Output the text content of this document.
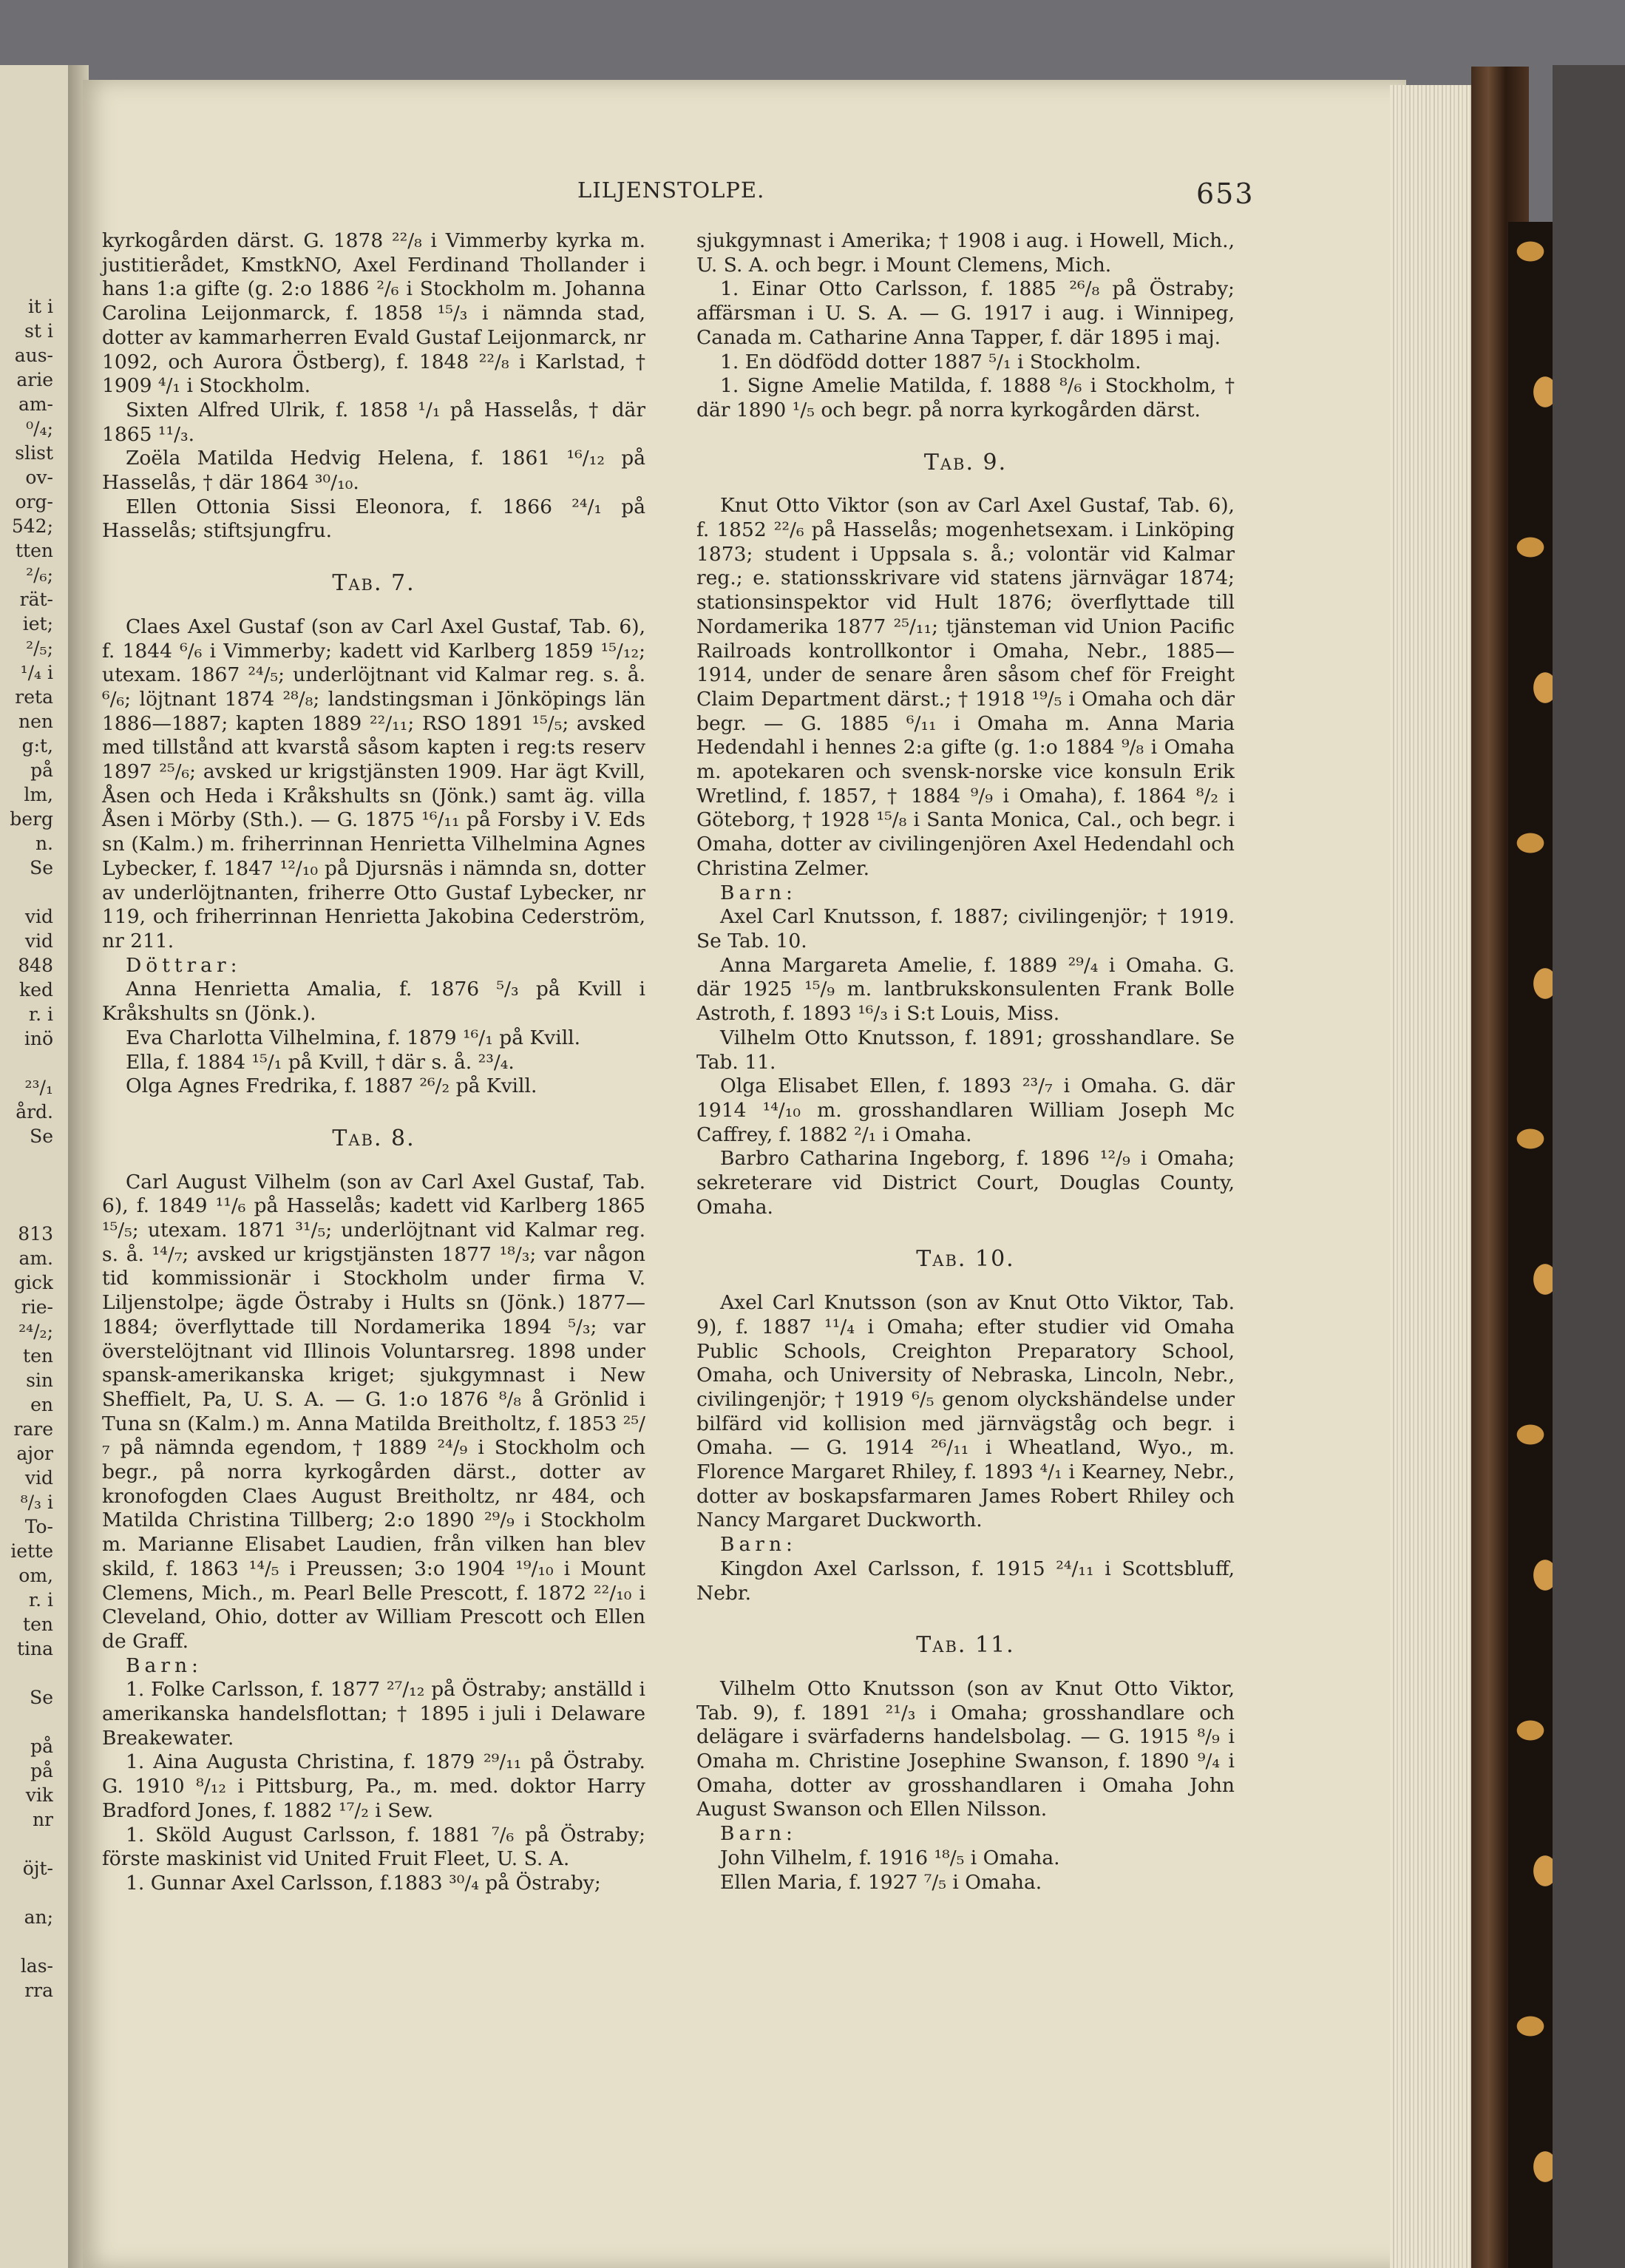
it i
st i
aus-
arie
am-
⁰/₄;
slist
ov-
org-
542;
tten
²/₆;
rät-
iet;
²/₅;
¹/₄ i
reta
nen
g:t,
på
lm,
berg
n.
Se

vid
vid
848
ked
r. i
inö

²³/₁
ård.
Se

813
am.
gick
rie-
²⁴/₂;
ten
sin
en
rare
ajor
vid
⁸/₃ i
To-
iette
om,
r. i
ten
tina

Se

på
på
vik
nr

öjt-

an;

las-
rra
LILJENSTOLPE.	653
kyrkogården därst. G. 1878 ²²/₈ i Vimmerby kyrka m. justitierådet, KmstkNO, Axel Ferdinand Thollander i hans 1:a gifte (g. 2:o 1886 ²/₆ i Stockholm m. Johanna Carolina Leijonmarck, f. 1858 ¹⁵/₃ i nämnda stad, dotter av kammarherren Evald Gustaf Leijonmarck, nr 1092, och Aurora Östberg), f. 1848 ²²/₈ i Karlstad, † 1909 ⁴/₁ i Stockholm.
Sixten Alfred Ulrik, f. 1858 ¹/₁ på Hasselås, † där 1865 ¹¹/₃.
Zoëla Matilda Hedvig Helena, f. 1861 ¹⁶/₁₂ på Hasselås, † där 1864 ³⁰/₁₀.
Ellen Ottonia Sissi Eleonora, f. 1866 ²⁴/₁ på Hasselås; stiftsjungfru.
Tab. 7.
Claes Axel Gustaf (son av Carl Axel Gustaf, Tab. 6), f. 1844 ⁶/₆ i Vimmerby; kadett vid Karlberg 1859 ¹⁵/₁₂; utexam. 1867 ²⁴/₅; underlöjtnant vid Kalmar reg. s. å. ⁶/₆; löjtnant 1874 ²⁸/₈; landstingsman i Jönköpings län 1886—1887; kapten 1889 ²²/₁₁; RSO 1891 ¹⁵/₅; avsked med tillstånd att kvarstå såsom kapten i reg:ts reserv 1897 ²⁵/₆; avsked ur krigstjänsten 1909. Har ägt Kvill, Åsen och Heda i Kråkshults sn (Jönk.) samt äg. villa Åsen i Mörby (Sth.). — G. 1875 ¹⁶/₁₁ på Forsby i V. Eds sn (Kalm.) m. friherrinnan Henrietta Vilhelmina Agnes Lybecker, f. 1847 ¹²/₁₀ på Djursnäs i nämnda sn, dotter av underlöjtnanten, friherre Otto Gustaf Lybecker, nr 119, och friherrinnan Henrietta Jakobina Cederström, nr 211.
Döttrar:
Anna Henrietta Amalia, f. 1876 ⁵/₃ på Kvill i Kråkshults sn (Jönk.).
Eva Charlotta Vilhelmina, f. 1879 ¹⁶/₁ på Kvill.
Ella, f. 1884 ¹⁵/₁ på Kvill, † där s. å. ²³/₄.
Olga Agnes Fredrika, f. 1887 ²⁶/₂ på Kvill.
Tab. 8.
Carl August Vilhelm (son av Carl Axel Gustaf, Tab. 6), f. 1849 ¹¹/₆ på Hasselås; kadett vid Karlberg 1865 ¹⁵/₅; utexam. 1871 ³¹/₅; underlöjtnant vid Kalmar reg. s. å. ¹⁴/₇; avsked ur krigstjänsten 1877 ¹⁸/₃; var någon tid kommissionär i Stockholm under firma V. Liljenstolpe; ägde Östraby i Hults sn (Jönk.) 1877—1884; överflyttade till Nordamerika 1894 ⁵/₃; var överstelöjtnant vid Illinois Voluntarsreg. 1898 under spansk-amerikanska kriget; sjukgymnast i New Sheffielt, Pa, U. S. A. — G. 1:o 1876 ⁸/₈ å Grönlid i Tuna sn (Kalm.) m. Anna Matilda Breitholtz, f. 1853 ²⁵/₇ på nämnda egendom, † 1889 ²⁴/₉ i Stockholm och begr., på norra kyrkogården därst., dotter av kronofogden Claes August Breitholtz, nr 484, och Matilda Christina Tillberg; 2:o 1890 ²⁹/₉ i Stockholm m. Marianne Elisabet Laudien, från vilken han blev skild, f. 1863 ¹⁴/₅ i Preussen; 3:o 1904 ¹⁹/₁₀ i Mount Clemens, Mich., m. Pearl Belle Prescott, f. 1872 ²²/₁₀ i Cleveland, Ohio, dotter av William Prescott och Ellen de Graff.
Barn:
1. Folke Carlsson, f. 1877 ²⁷/₁₂ på Östraby; anställd i amerikanska handelsflottan; † 1895 i juli i Delaware Breakewater.
1. Aina Augusta Christina, f. 1879 ²⁹/₁₁ på Östraby. G. 1910 ⁸/₁₂ i Pittsburg, Pa., m. med. doktor Harry Bradford Jones, f. 1882 ¹⁷/₂ i Sew.
1. Sköld August Carlsson, f. 1881 ⁷/₆ på Östraby; förste maskinist vid United Fruit Fleet, U. S. A.
1. Gunnar Axel Carlsson, f.1883 ³⁰/₄ på Östraby;
sjukgymnast i Amerika; † 1908 i aug. i Howell, Mich., U. S. A. och begr. i Mount Clemens, Mich.
1. Einar Otto Carlsson, f. 1885 ²⁶/₈ på Östraby; affärsman i U. S. A. — G. 1917 i aug. i Winnipeg, Canada m. Catharine Anna Tapper, f. där 1895 i maj.
1. En dödfödd dotter 1887 ⁵/₁ i Stockholm.
1. Signe Amelie Matilda, f. 1888 ⁸/₆ i Stockholm, † där 1890 ¹/₅ och begr. på norra kyrkogården därst.
Tab. 9.
Knut Otto Viktor (son av Carl Axel Gustaf, Tab. 6), f. 1852 ²²/₆ på Hasselås; mogenhetsexam. i Linköping 1873; student i Uppsala s. å.; volontär vid Kalmar reg.; e. stationsskrivare vid statens järnvägar 1874; stationsinspektor vid Hult 1876; överflyttade till Nordamerika 1877 ²⁵/₁₁; tjänsteman vid Union Pacific Railroads kontrollkontor i Omaha, Nebr., 1885—1914, under de senare åren såsom chef för Freight Claim Department därst.; † 1918 ¹⁹/₅ i Omaha och där begr. — G. 1885 ⁶/₁₁ i Omaha m. Anna Maria Hedendahl i hennes 2:a gifte (g. 1:o 1884 ⁹/₈ i Omaha m. apotekaren och svensk-norske vice konsuln Erik Wretlind, f. 1857, † 1884 ⁹/₉ i Omaha), f. 1864 ⁸/₂ i Göteborg, † 1928 ¹⁵/₈ i Santa Monica, Cal., och begr. i Omaha, dotter av civilingenjören Axel Hedendahl och Christina Zelmer.
Barn:
Axel Carl Knutsson, f. 1887; civilingenjör; † 1919. Se Tab. 10.
Anna Margareta Amelie, f. 1889 ²⁹/₄ i Omaha. G. där 1925 ¹⁵/₉ m. lantbrukskonsulenten Frank Bolle Astroth, f. 1893 ¹⁶/₃ i S:t Louis, Miss.
Vilhelm Otto Knutsson, f. 1891; grosshandlare. Se Tab. 11.
Olga Elisabet Ellen, f. 1893 ²³/₇ i Omaha. G. där 1914 ¹⁴/₁₀ m. grosshandlaren William Joseph Mc Caffrey, f. 1882 ²/₁ i Omaha.
Barbro Catharina Ingeborg, f. 1896 ¹²/₉ i Omaha; sekreterare vid District Court, Douglas County, Omaha.
Tab. 10.
Axel Carl Knutsson (son av Knut Otto Viktor, Tab. 9), f. 1887 ¹¹/₄ i Omaha; efter studier vid Omaha Public Schools, Creighton Preparatory School, Omaha, och University of Nebraska, Lincoln, Nebr., civilingenjör; † 1919 ⁶/₅ genom olyckshändelse under bilfärd vid kollision med järnvägståg och begr. i Omaha. — G. 1914 ²⁶/₁₁ i Wheatland, Wyo., m. Florence Margaret Rhiley, f. 1893 ⁴/₁ i Kearney, Nebr., dotter av boskapsfarmaren James Robert Rhiley och Nancy Margaret Duckworth.
Barn:
Kingdon Axel Carlsson, f. 1915 ²⁴/₁₁ i Scottsbluff, Nebr.
Tab. 11.
Vilhelm Otto Knutsson (son av Knut Otto Viktor, Tab. 9), f. 1891 ²¹/₃ i Omaha; grosshandlare och delägare i svärfaderns handelsbolag. — G. 1915 ⁸/₉ i Omaha m. Christine Josephine Swanson, f. 1890 ⁹/₄ i Omaha, dotter av grosshandlaren i Omaha John August Swanson och Ellen Nilsson.
Barn:
John Vilhelm, f. 1916 ¹⁸/₅ i Omaha.
Ellen Maria, f. 1927 ⁷/₅ i Omaha.
